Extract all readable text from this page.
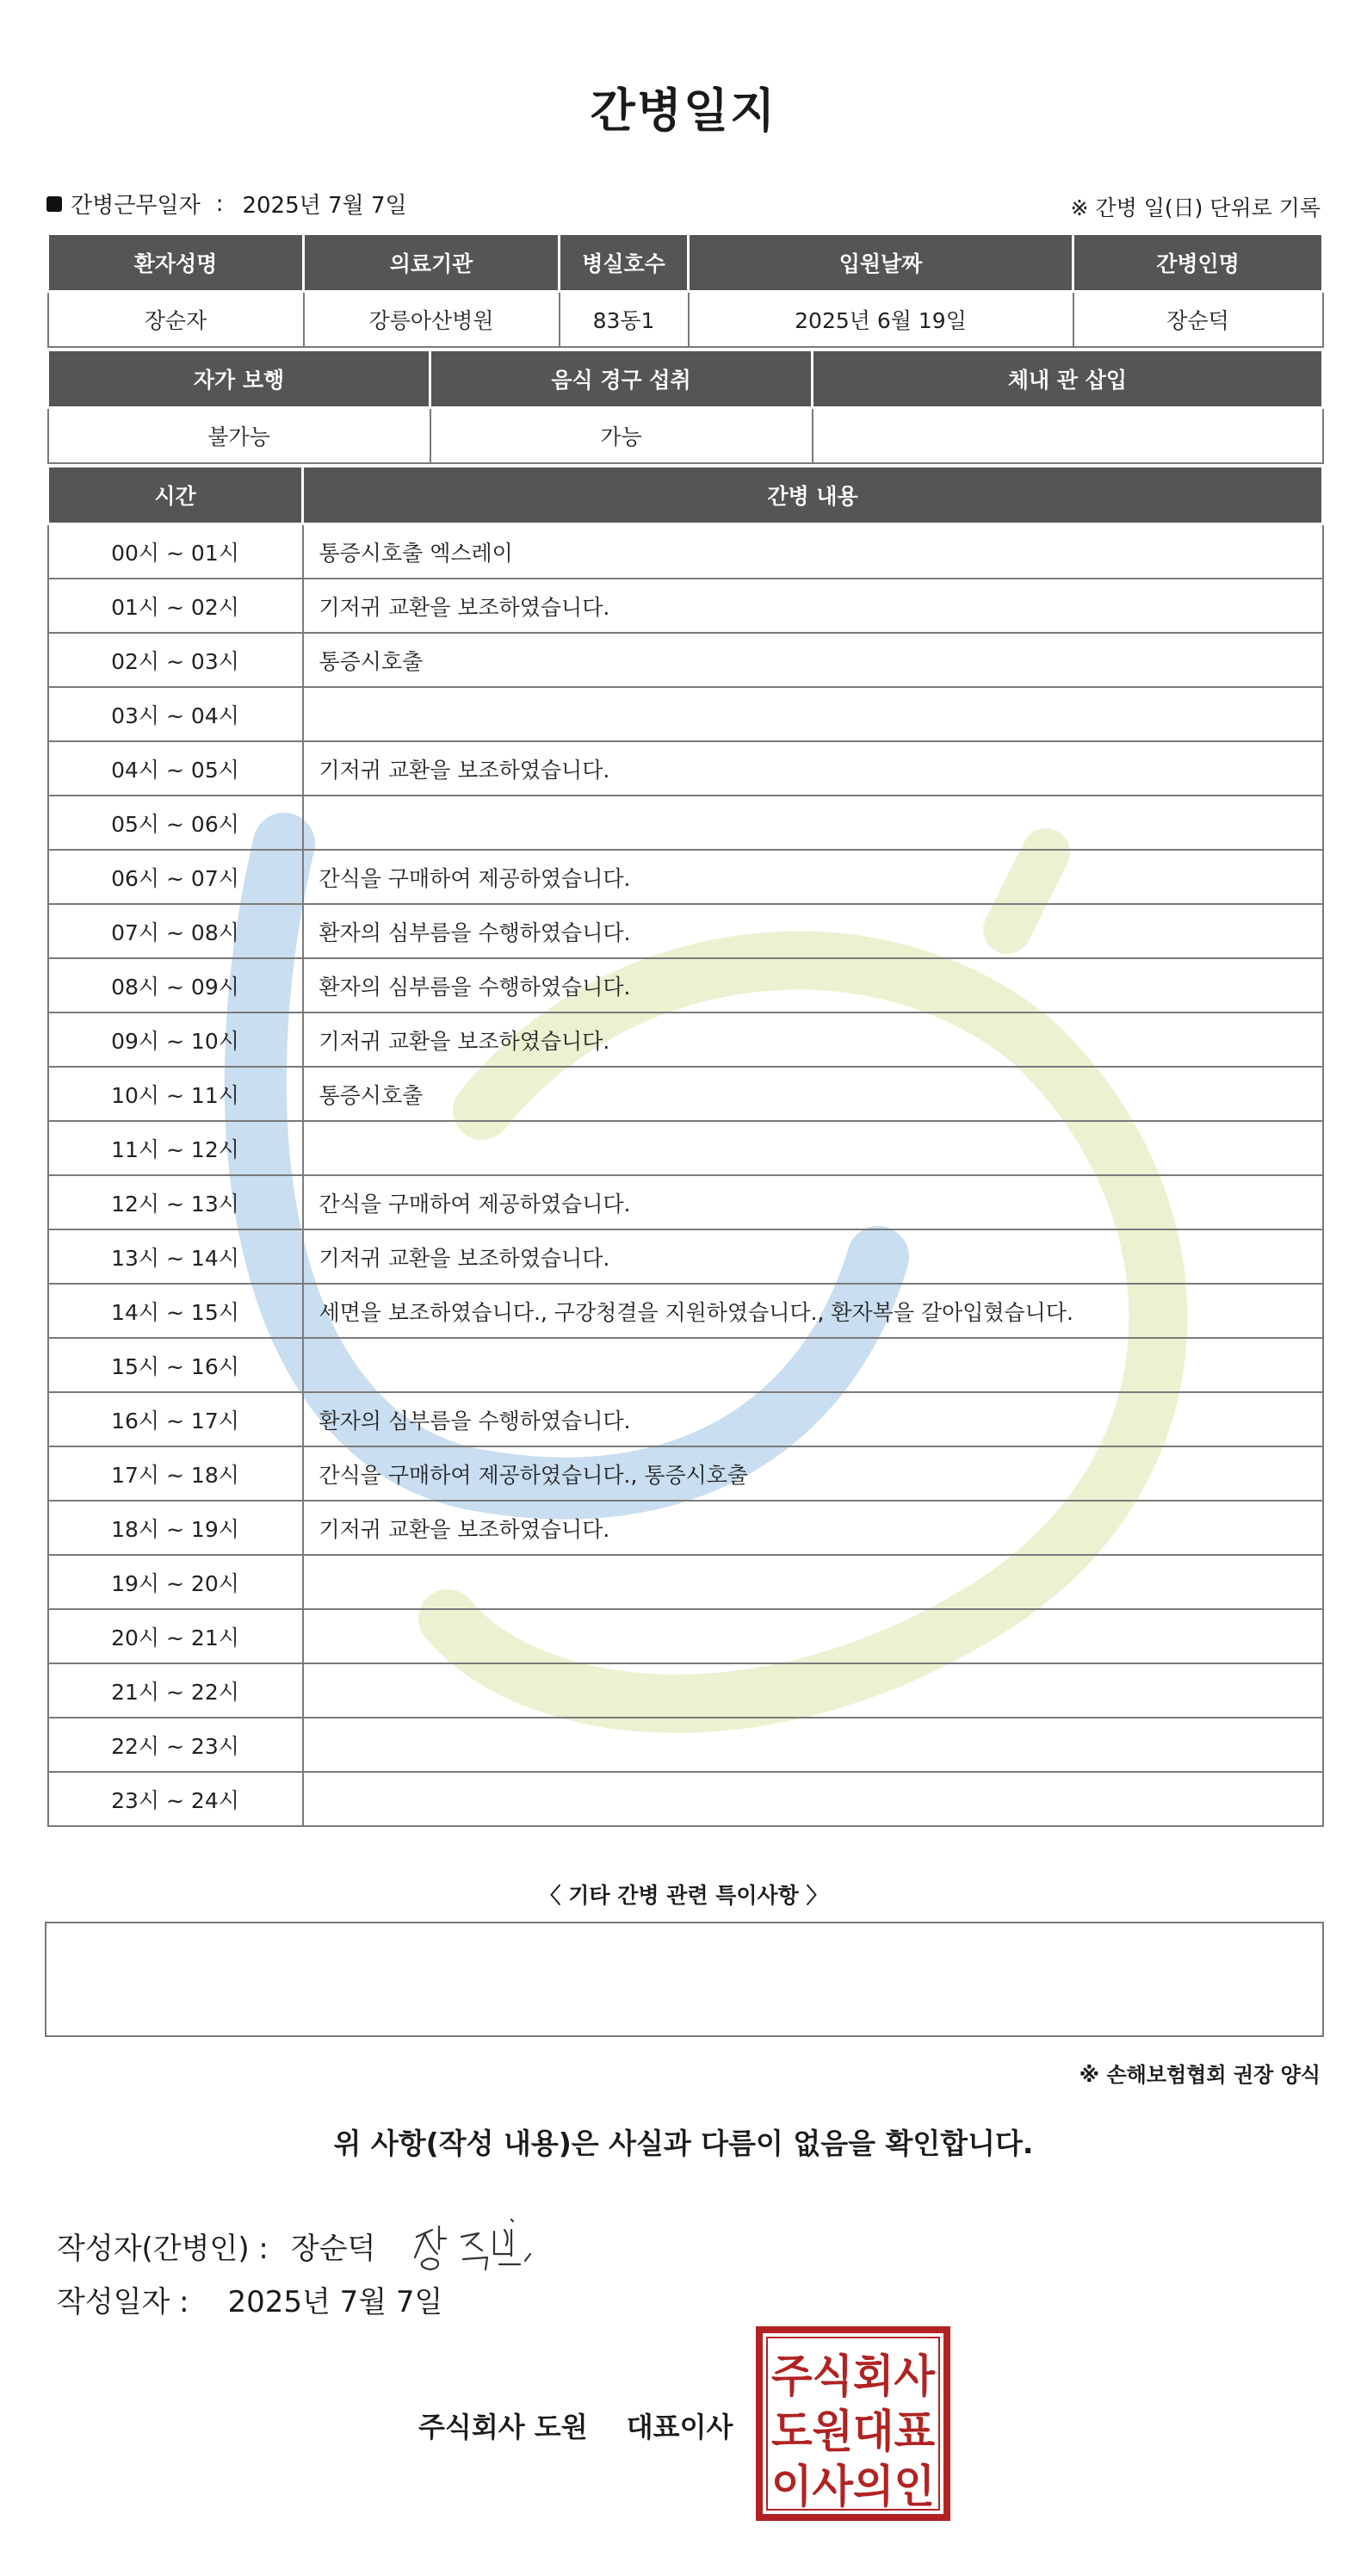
간병일지
간병근무일자 : 2025년 7월 7일	※ 간병 일(日) 단위로 기록
환자성명	의료기관	병실호수	입원날짜	간병인명
장순자	강릉아산병원	83동1	2025년 6월 19일	장순덕
자가 보행	음식 경구 섭취	체내 관 삽입
불가능	가능	
시간	간병 내용
00시 ~ 01시	통증시호출 엑스레이
01시 ~ 02시	기저귀 교환을 보조하였습니다.
02시 ~ 03시	통증시호출
03시 ~ 04시	
04시 ~ 05시	기저귀 교환을 보조하였습니다.
05시 ~ 06시	
06시 ~ 07시	간식을 구매하여 제공하였습니다.
07시 ~ 08시	환자의 심부름을 수행하였습니다.
08시 ~ 09시	환자의 심부름을 수행하였습니다.
09시 ~ 10시	기저귀 교환을 보조하였습니다.
10시 ~ 11시	통증시호출
11시 ~ 12시	
12시 ~ 13시	간식을 구매하여 제공하였습니다.
13시 ~ 14시	기저귀 교환을 보조하였습니다.
14시 ~ 15시	세면을 보조하였습니다., 구강청결을 지원하였습니다., 환자복을 갈아입혔습니다.
15시 ~ 16시	
16시 ~ 17시	환자의 심부름을 수행하였습니다.
17시 ~ 18시	간식을 구매하여 제공하였습니다., 통증시호출
18시 ~ 19시	기저귀 교환을 보조하였습니다.
19시 ~ 20시	
20시 ~ 21시	
21시 ~ 22시	
22시 ~ 23시	
23시 ~ 24시	
〈 기타 간병 관련 특이사항 〉
※ 손해보험협회 권장 양식
위 사항(작성 내용)은 사실과 다름이 없음을 확인합니다.
작성자(간병인) : 장순덕
작성일자 : 2025년 7월 7일
주식회사 도원 대표이사
주식회사
도원대표
이사의인
